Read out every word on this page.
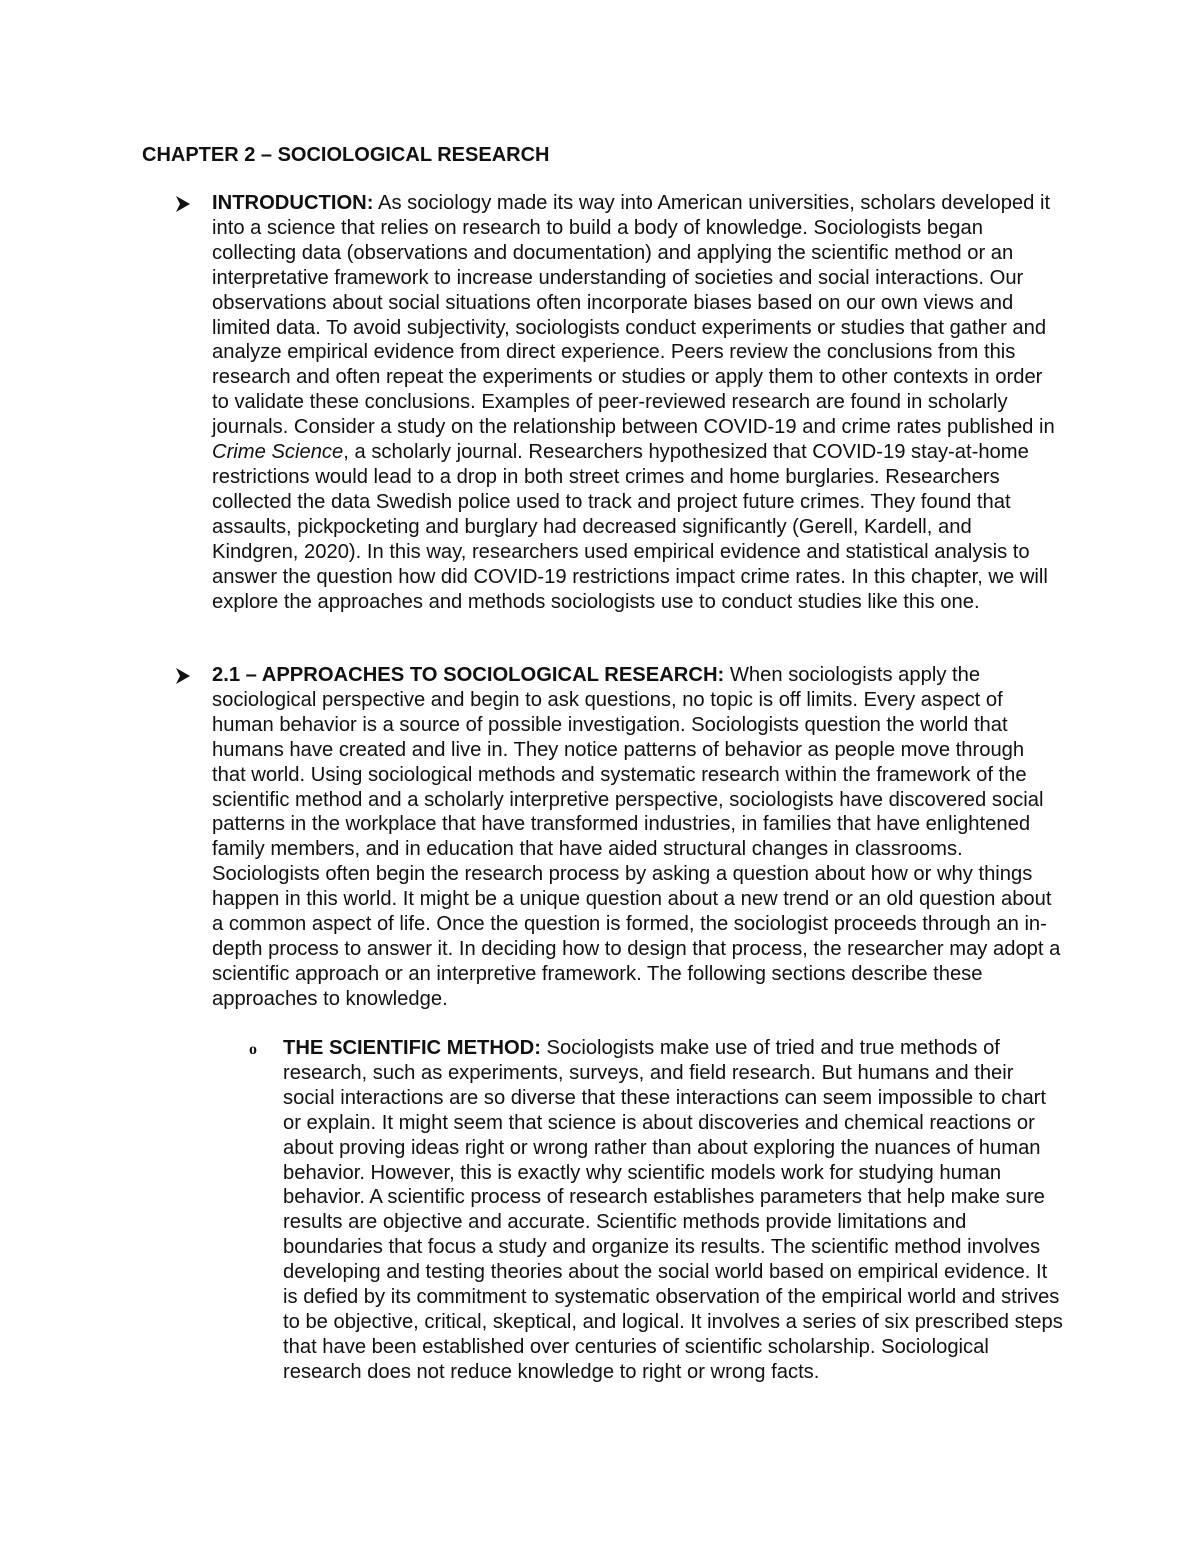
CHAPTER 2 – SOCIOLOGICAL RESEARCH

INTRODUCTION: As sociology made its way into American universities, scholars developed it into a science that relies on research to build a body of knowledge. Sociologists began collecting data (observations and documentation) and applying the scientific method or an interpretative framework to increase understanding of societies and social interactions. Our observations about social situations often incorporate biases based on our own views and limited data. To avoid subjectivity, sociologists conduct experiments or studies that gather and analyze empirical evidence from direct experience. Peers review the conclusions from this research and often repeat the experiments or studies or apply them to other contexts in order to validate these conclusions. Examples of peer-reviewed research are found in scholarly journals. Consider a study on the relationship between COVID-19 and crime rates published in Crime Science, a scholarly journal. Researchers hypothesized that COVID-19 stay-at-home restrictions would lead to a drop in both street crimes and home burglaries. Researchers collected the data Swedish police used to track and project future crimes. They found that assaults, pickpocketing and burglary had decreased significantly (Gerell, Kardell, and Kindgren, 2020). In this way, researchers used empirical evidence and statistical analysis to answer the question how did COVID-19 restrictions impact crime rates. In this chapter, we will explore the approaches and methods sociologists use to conduct studies like this one.

2.1 – APPROACHES TO SOCIOLOGICAL RESEARCH: When sociologists apply the sociological perspective and begin to ask questions, no topic is off limits. Every aspect of human behavior is a source of possible investigation. Sociologists question the world that humans have created and live in. They notice patterns of behavior as people move through that world. Using sociological methods and systematic research within the framework of the scientific method and a scholarly interpretive perspective, sociologists have discovered social patterns in the workplace that have transformed industries, in families that have enlightened family members, and in education that have aided structural changes in classrooms. Sociologists often begin the research process by asking a question about how or why things happen in this world. It might be a unique question about a new trend or an old question about a common aspect of life. Once the question is formed, the sociologist proceeds through an in-depth process to answer it. In deciding how to design that process, the researcher may adopt a scientific approach or an interpretive framework. The following sections describe these approaches to knowledge.

o THE SCIENTIFIC METHOD: Sociologists make use of tried and true methods of research, such as experiments, surveys, and field research. But humans and their social interactions are so diverse that these interactions can seem impossible to chart or explain. It might seem that science is about discoveries and chemical reactions or about proving ideas right or wrong rather than about exploring the nuances of human behavior. However, this is exactly why scientific models work for studying human behavior. A scientific process of research establishes parameters that help make sure results are objective and accurate. Scientific methods provide limitations and boundaries that focus a study and organize its results. The scientific method involves developing and testing theories about the social world based on empirical evidence. It is defied by its commitment to systematic observation of the empirical world and strives to be objective, critical, skeptical, and logical. It involves a series of six prescribed steps that have been established over centuries of scientific scholarship. Sociological research does not reduce knowledge to right or wrong facts.
